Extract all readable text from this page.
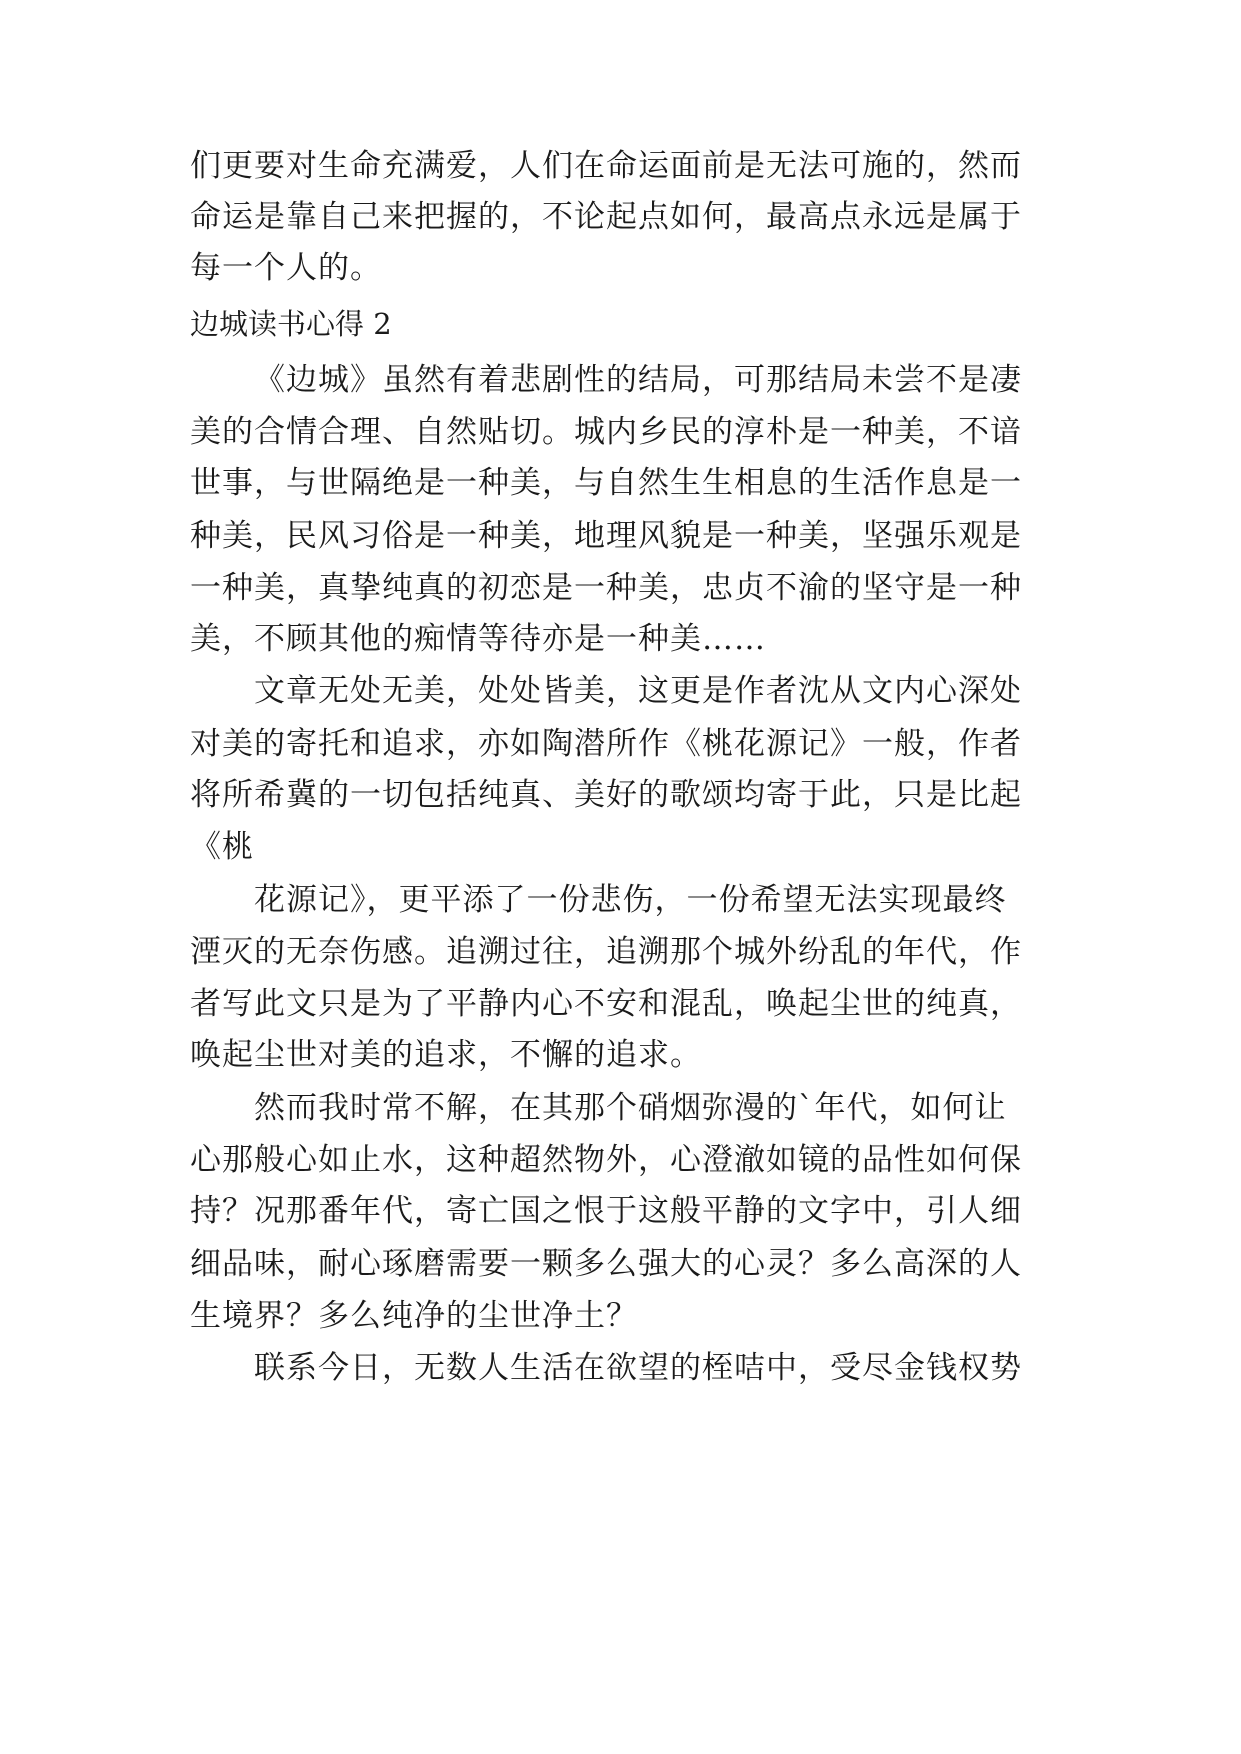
们更要对生命充满爱，人们在命运面前是无法可施的，然而
命运是靠自己来把握的，不论起点如何，最高点永远是属于
每一个人的。
边城读书心得 2
《边城》虽然有着悲剧性的结局，可那结局未尝不是凄
美的合情合理、自然贴切。城内乡民的淳朴是一种美，不谙
世事，与世隔绝是一种美，与自然生生相息的生活作息是一
种美，民风习俗是一种美，地理风貌是一种美，坚强乐观是
一种美，真挚纯真的初恋是一种美，忠贞不渝的坚守是一种
美，不顾其他的痴情等待亦是一种美……
文章无处无美，处处皆美，这更是作者沈从文内心深处
对美的寄托和追求，亦如陶潜所作《桃花源记》一般，作者
将所希冀的一切包括纯真、美好的歌颂均寄于此，只是比起
《桃
花源记》，更平添了一份悲伤，一份希望无法实现最终
湮灭的无奈伤感。追溯过往，追溯那个城外纷乱的年代，作
者写此文只是为了平静内心不安和混乱，唤起尘世的纯真，
唤起尘世对美的追求，不懈的追求。
然而我时常不解，在其那个硝烟弥漫的`年代，如何让
心那般心如止水，这种超然物外，心澄澈如镜的品性如何保
持？况那番年代，寄亡国之恨于这般平静的文字中，引人细
细品味，耐心琢磨需要一颗多么强大的心灵？多么高深的人
生境界？多么纯净的尘世净土？
联系今日，无数人生活在欲望的桎咭中，受尽金钱权势
